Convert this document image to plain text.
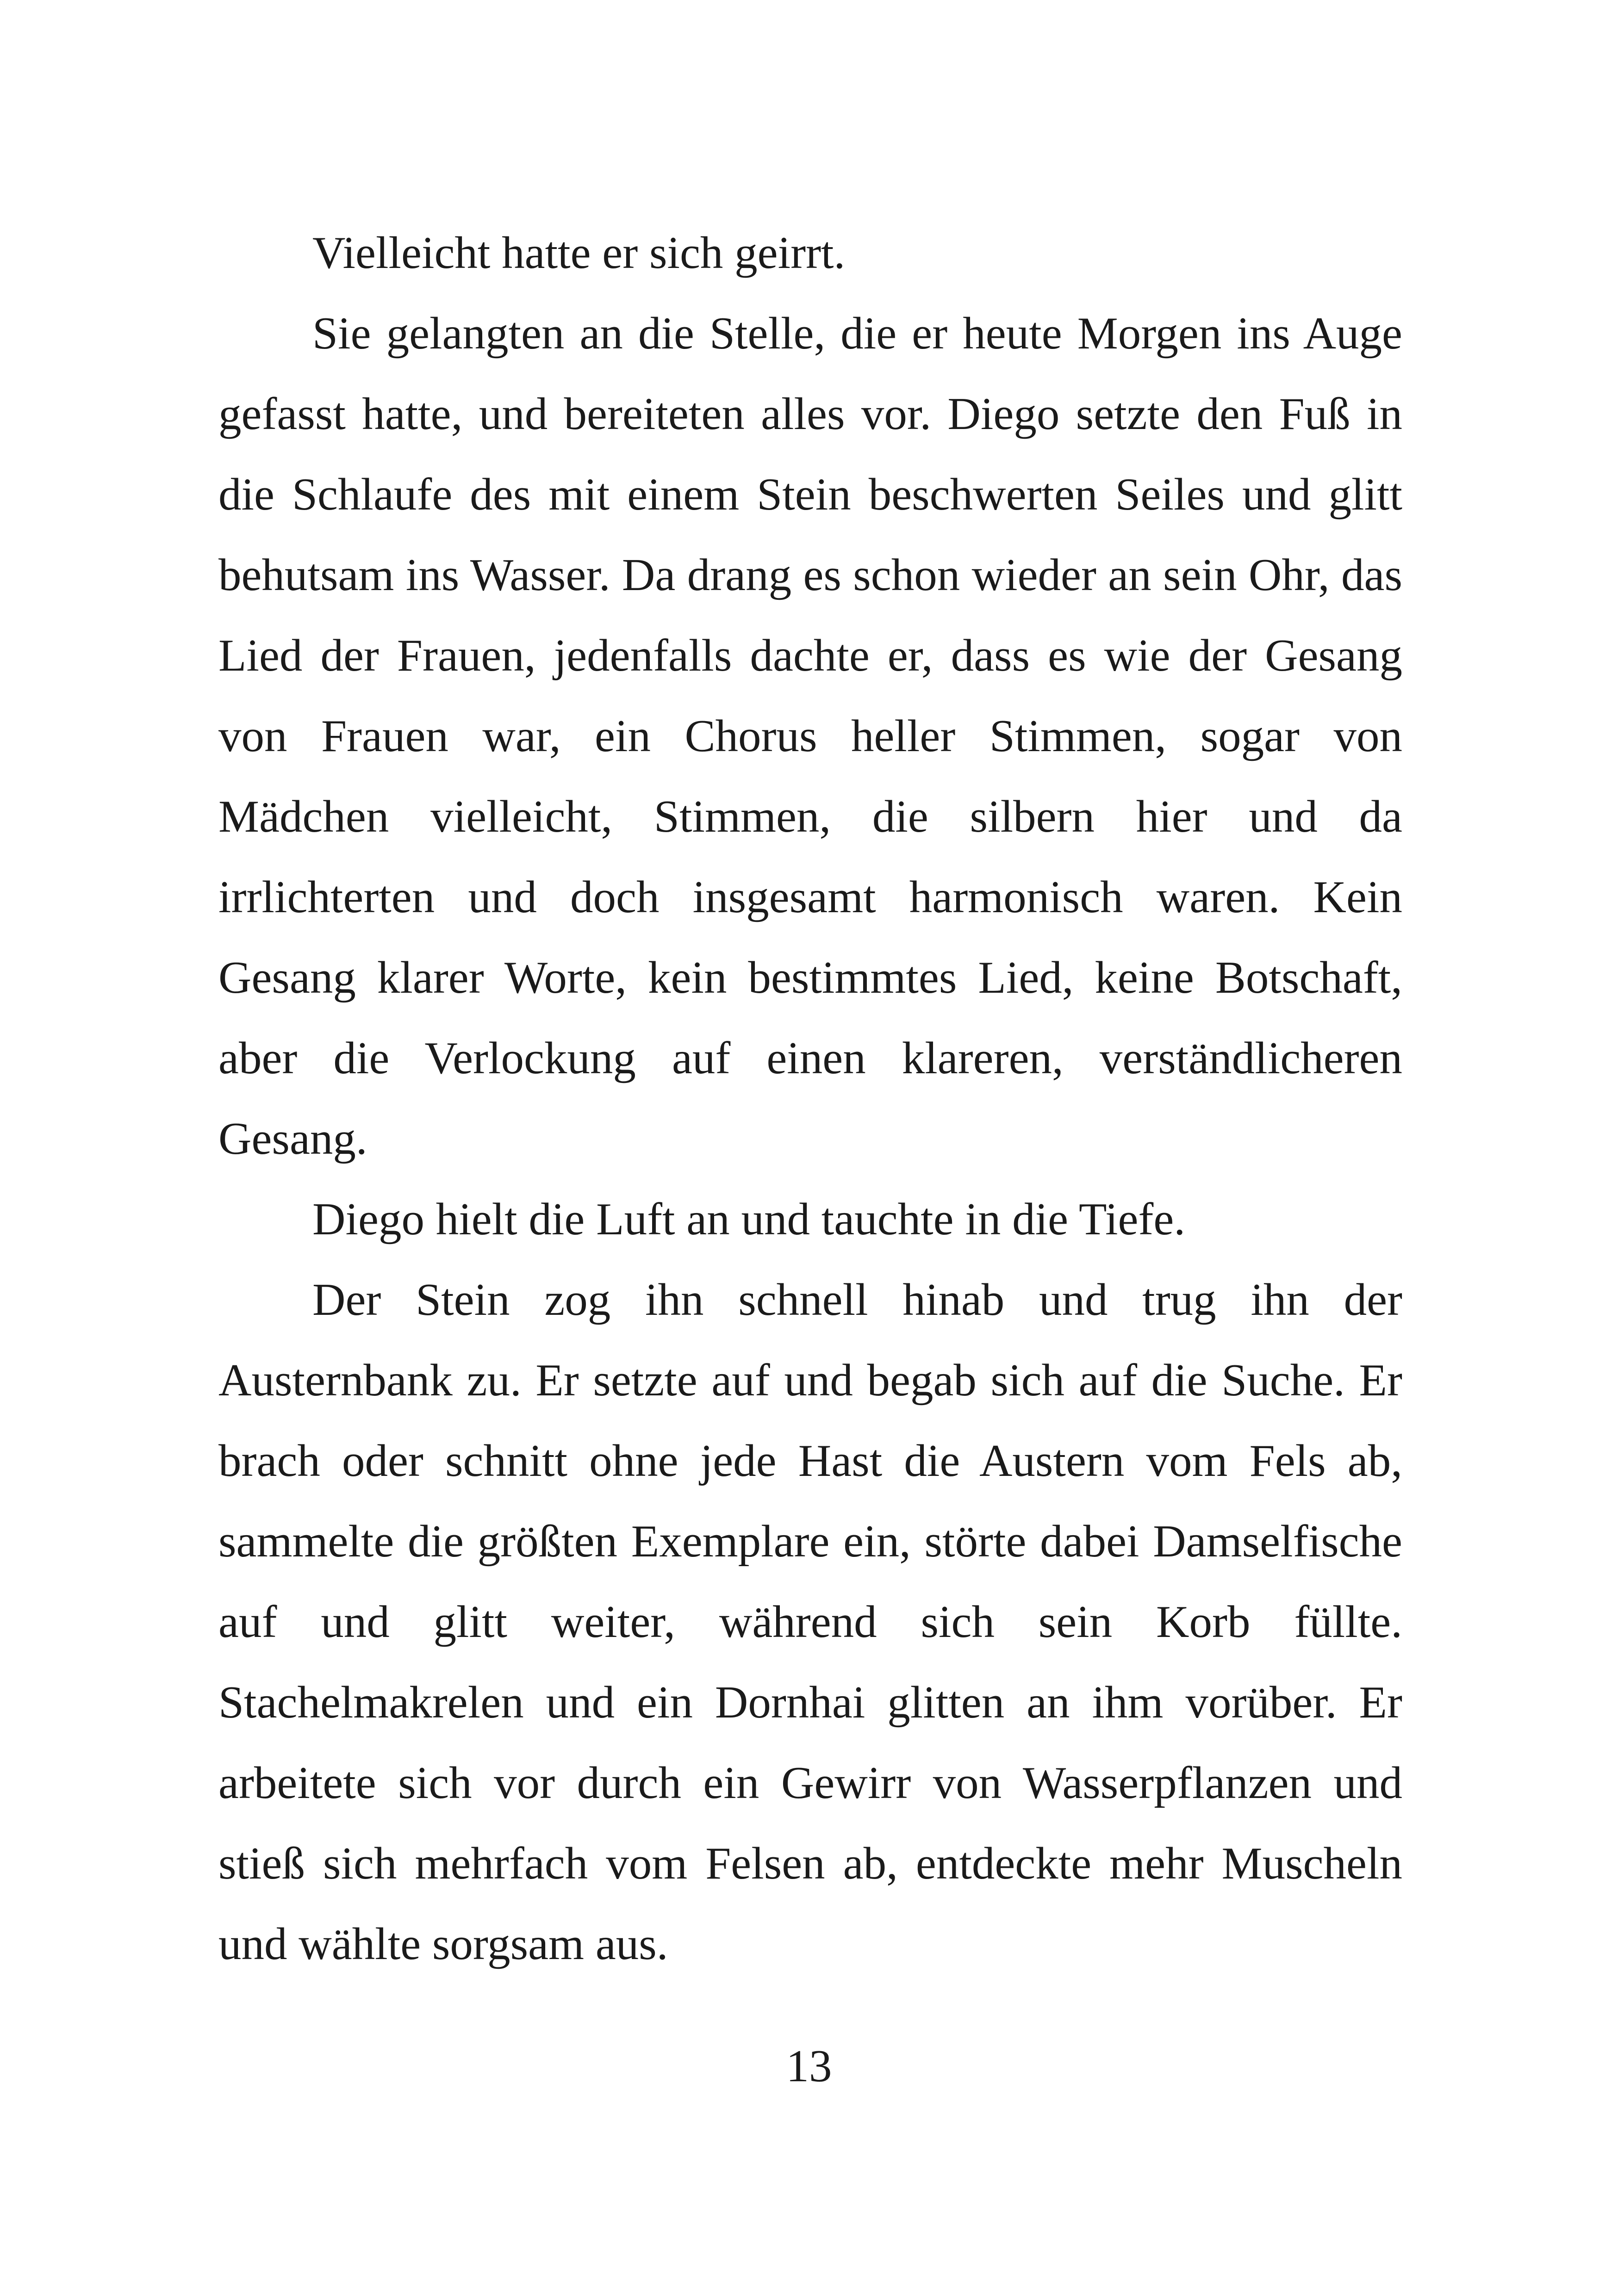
Vielleicht hatte er sich geirrt.

Sie gelangten an die Stelle, die er heute Morgen ins Auge gefasst hatte, und bereiteten alles vor. Diego setzte den Fuß in die Schlaufe des mit einem Stein beschwerten Seiles und glitt behutsam ins Wasser. Da drang es schon wieder an sein Ohr, das Lied der Frauen, jedenfalls dachte er, dass es wie der Gesang von Frauen war, ein Chorus heller Stimmen, sogar von Mädchen vielleicht, Stimmen, die silbern hier und da irrlichterten und doch insgesamt harmonisch waren. Kein Gesang klarer Worte, kein bestimmtes Lied, keine Botschaft, aber die Verlockung auf einen klareren, verständlicheren Gesang.

Diego hielt die Luft an und tauchte in die Tiefe.

Der Stein zog ihn schnell hinab und trug ihn der Austernbank zu. Er setzte auf und begab sich auf die Suche. Er brach oder schnitt ohne jede Hast die Austern vom Fels ab, sammelte die größten Exemplare ein, störte dabei Damselfische auf und glitt weiter, während sich sein Korb füllte. Stachelmakrelen und ein Dornhai glitten an ihm vorüber. Er arbeitete sich vor durch ein Gewirr von Wasserpflanzen und stieß sich mehrfach vom Felsen ab, entdeckte mehr Muscheln und wählte sorgsam aus.

13
